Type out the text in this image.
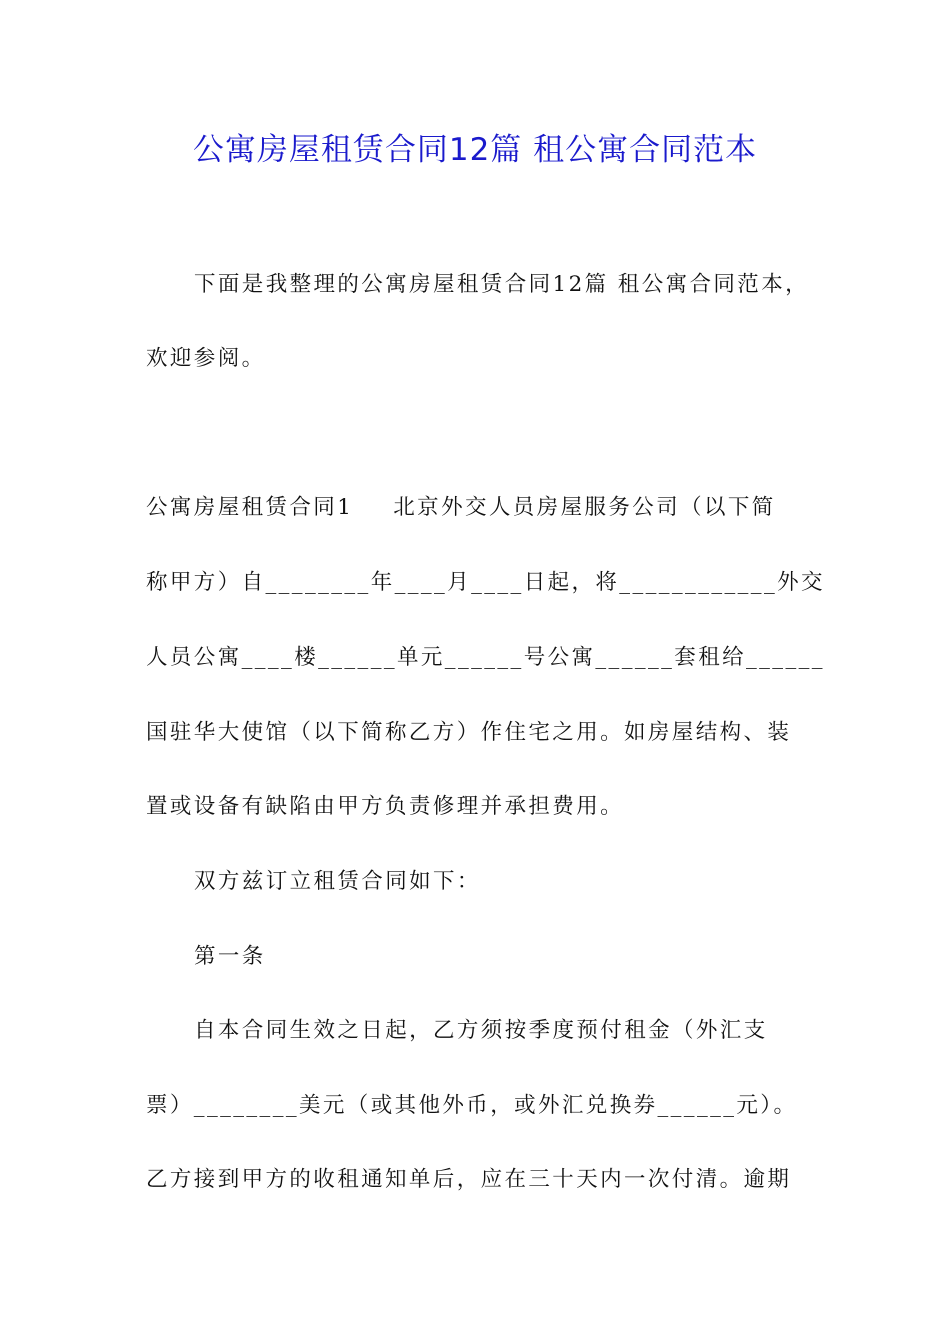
公寓房屋租赁合同12篇 租公寓合同范本
下面是我整理的公寓房屋租赁合同12篇 租公寓合同范本，
欢迎参阅。
公寓房屋租赁合同1 北京外交人员房屋服务公司（以下简
称甲方）自________年____月____日起，将____________外交
人员公寓____楼______单元______号公寓______套租给______
国驻华大使馆（以下简称乙方）作住宅之用。如房屋结构、装
置或设备有缺陷由甲方负责修理并承担费用。
双方兹订立租赁合同如下：
第一条
自本合同生效之日起，乙方须按季度预付租金（外汇支
票）________美元（或其他外币，或外汇兑换券______元）。
乙方接到甲方的收租通知单后，应在三十天内一次付清。逾期
